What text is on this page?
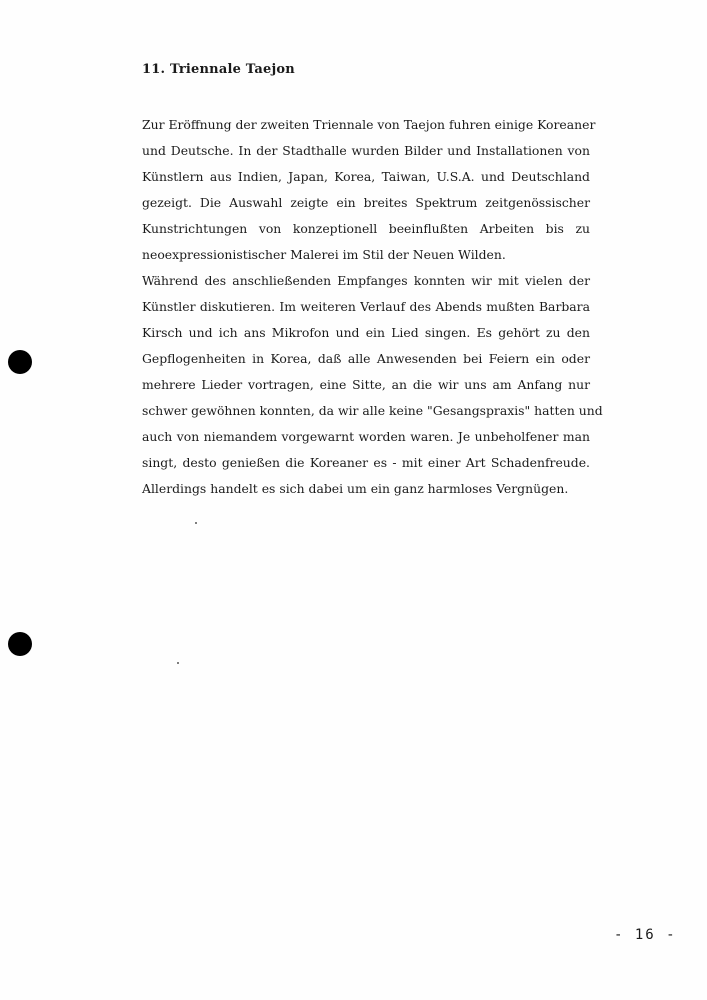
11. Triennale Taejon
Zur Eröffnung der zweiten Triennale von Taejon fuhren einige Koreaner
und Deutsche. In der Stadthalle wurden Bilder und Installationen von
Künstlern aus Indien, Japan, Korea, Taiwan, U.S.A. und Deutschland
gezeigt. Die Auswahl zeigte ein breites Spektrum zeitgenössischer
Kunstrichtungen von konzeptionell beeinflußten Arbeiten bis zu
neoexpressionistischer Malerei im Stil der Neuen Wilden.
Während des anschließenden Empfanges konnten wir mit vielen der
Künstler diskutieren. Im weiteren Verlauf des Abends mußten Barbara
Kirsch und ich ans Mikrofon und ein Lied singen. Es gehört zu den
Gepflogenheiten in Korea, daß alle Anwesenden bei Feiern ein oder
mehrere Lieder vortragen, eine Sitte, an die wir uns am Anfang nur
schwer gewöhnen konnten, da wir alle keine "Gesangspraxis" hatten und
auch von niemandem vorgewarnt worden waren. Je unbeholfener man
singt, desto genießen die Koreaner es - mit einer Art Schadenfreude.
Allerdings handelt es sich dabei um ein ganz harmloses Vergnügen.
- 16 -
